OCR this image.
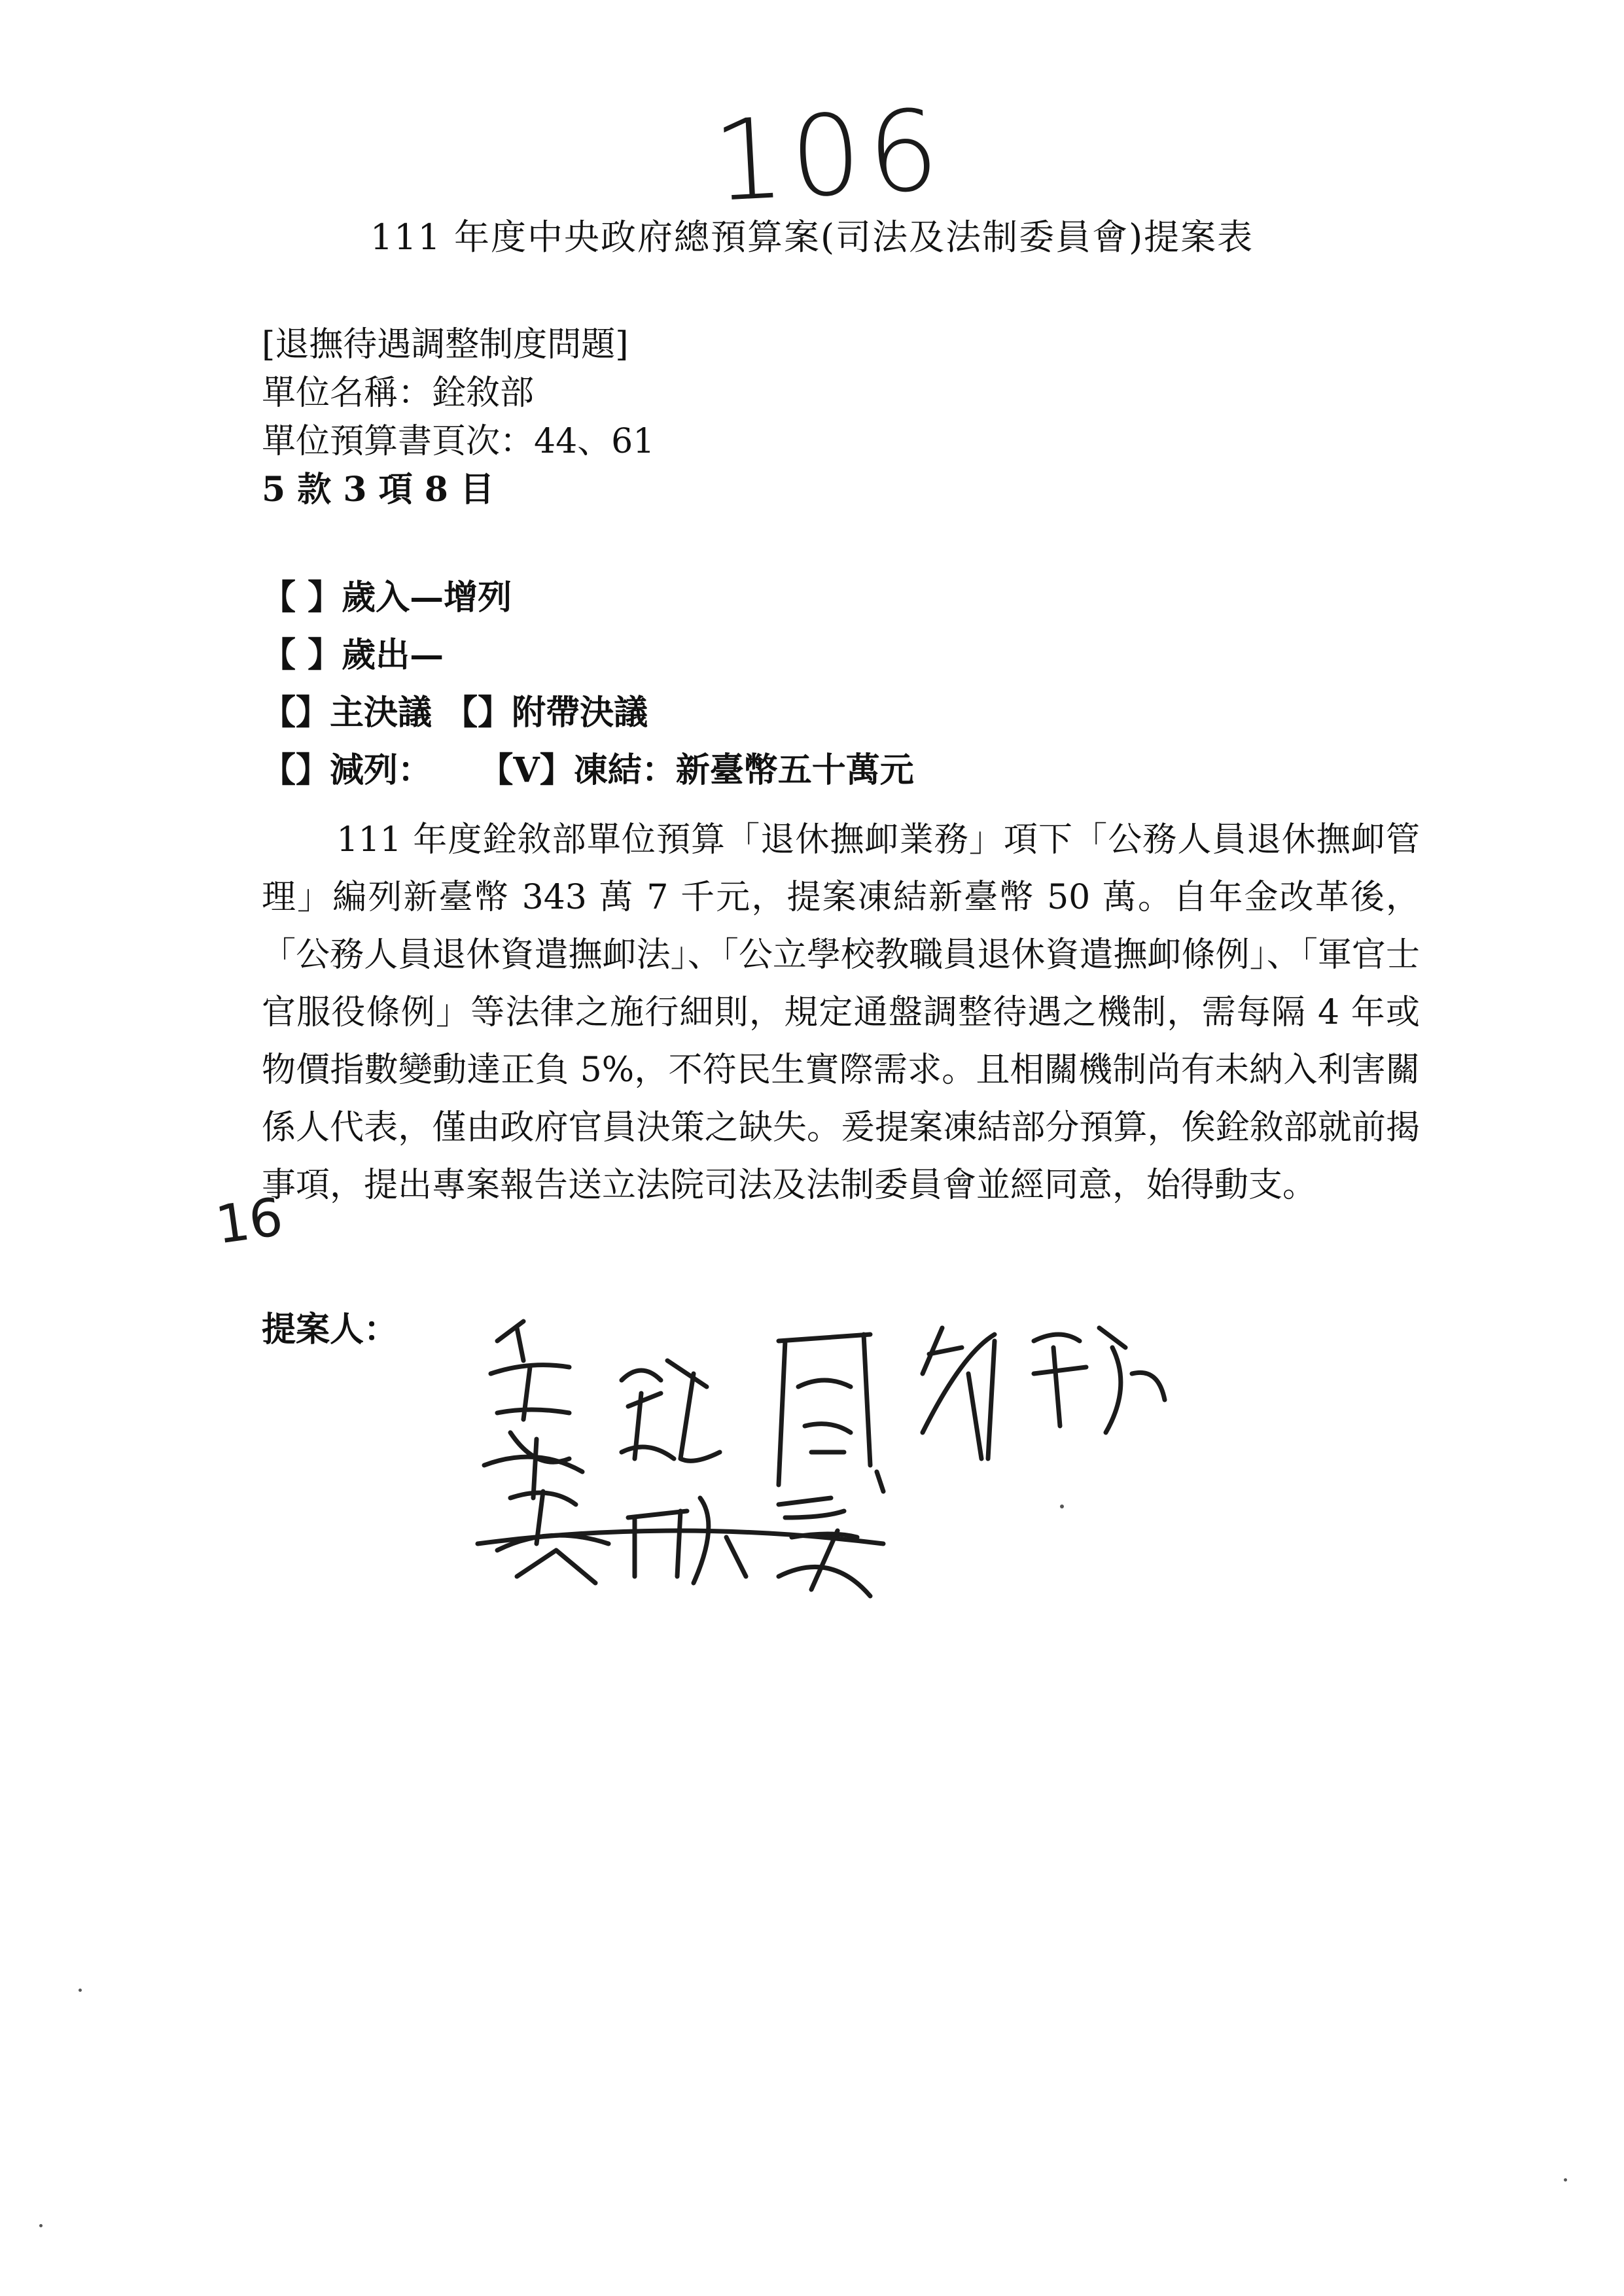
106
111 年度中央政府總預算案(司法及法制委員會)提案表
[退撫待遇調整制度問題]
單位名稱：銓敘部
單位預算書頁次：44、61
5 款 3 項 8 目
【 】歲入—增列
【 】歲出—
【】主決議 【】附帶決議
【】減列：    【V】凍結：新臺幣五十萬元
111 年度銓敘部單位預算「退休撫卹業務」項下「公務人員退休撫卹管理」編列新臺幣 343 萬 7 千元，提案凍結新臺幣 50 萬。自年金改革後，「公務人員退休資遣撫卹法」、「公立學校教職員退休資遣撫卹條例」、「軍官士官服役條例」等法律之施行細則，規定通盤調整待遇之機制，需每隔 4 年或物價指數變動達正負 5%，不符民生實際需求。且相關機制尚有未納入利害關係人代表，僅由政府官員決策之缺失。爰提案凍結部分預算，俟銓敘部就前揭事項，提出專案報告送立法院司法及法制委員會並經同意，始得動支。
16
提案人：
